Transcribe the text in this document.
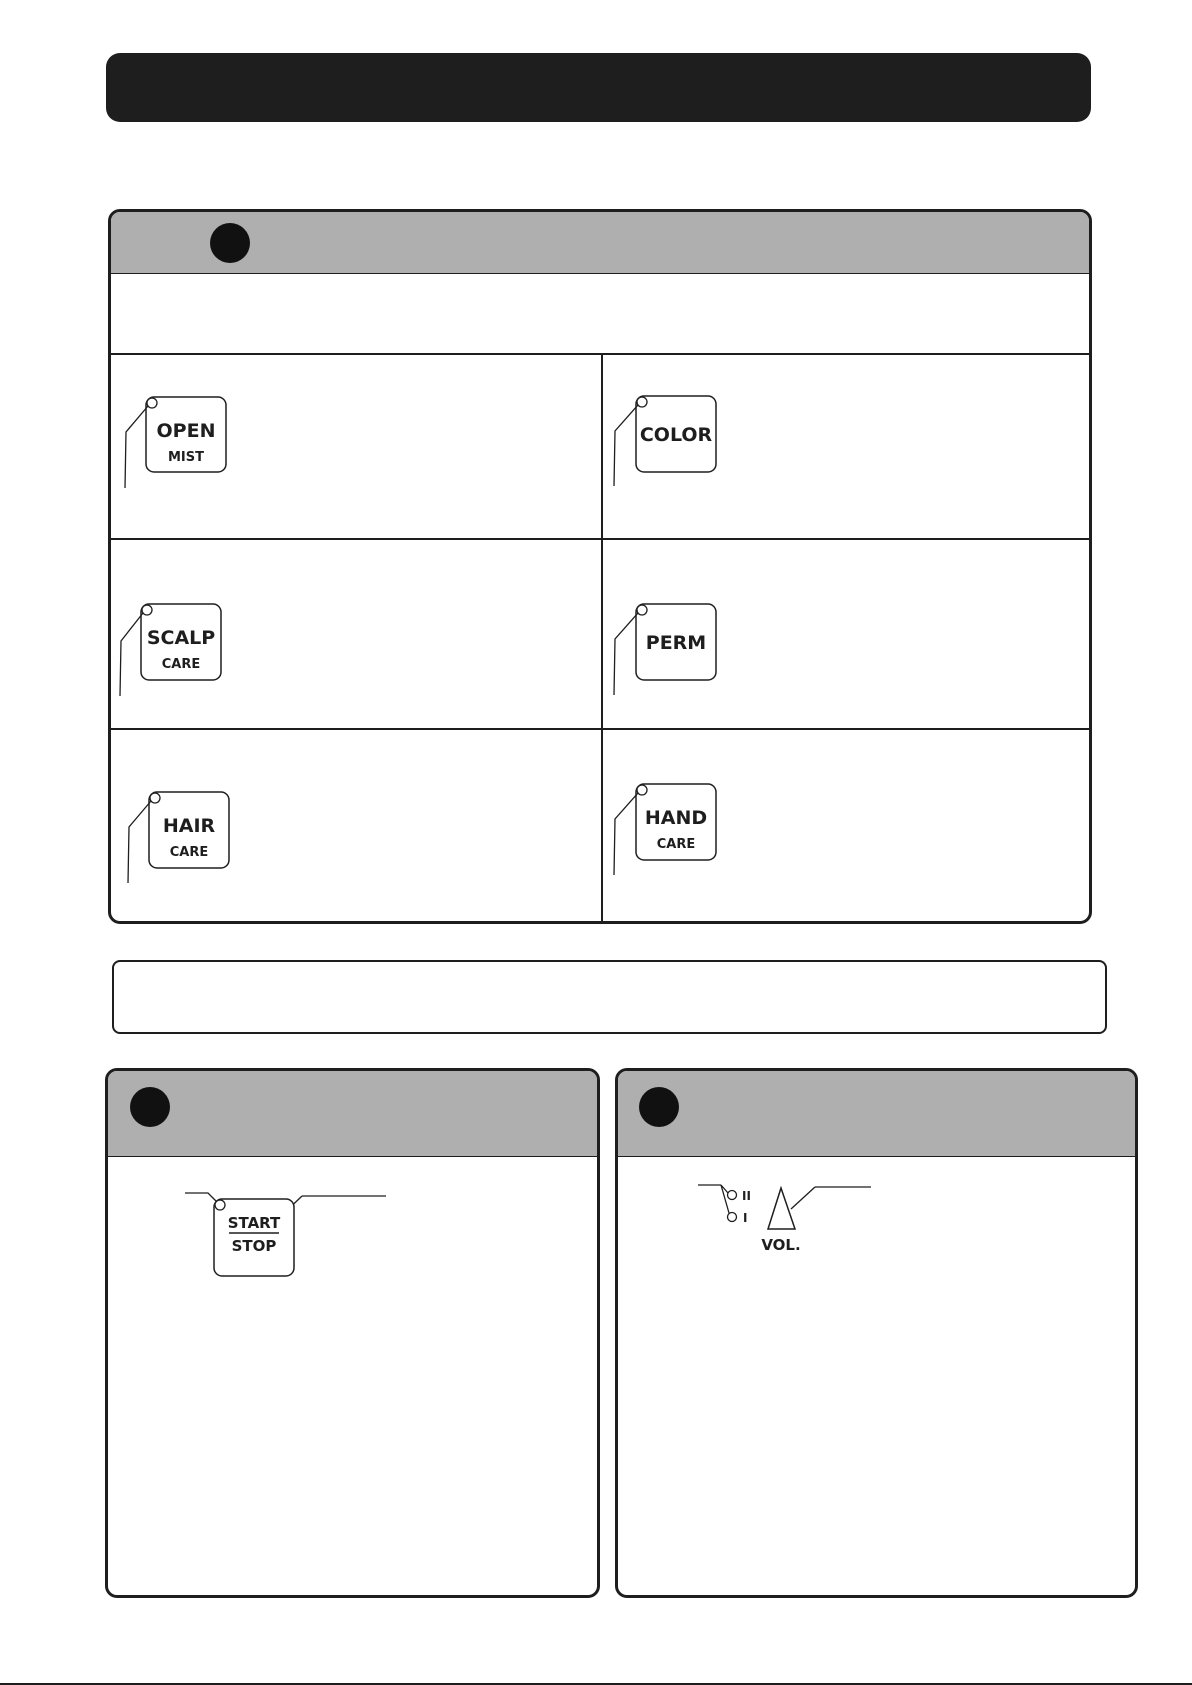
OPEN
MIST
COLOR
SCALP
CARE
PERM
HAIR
CARE
HAND
CARE
START
STOP
II
I
VOL.
